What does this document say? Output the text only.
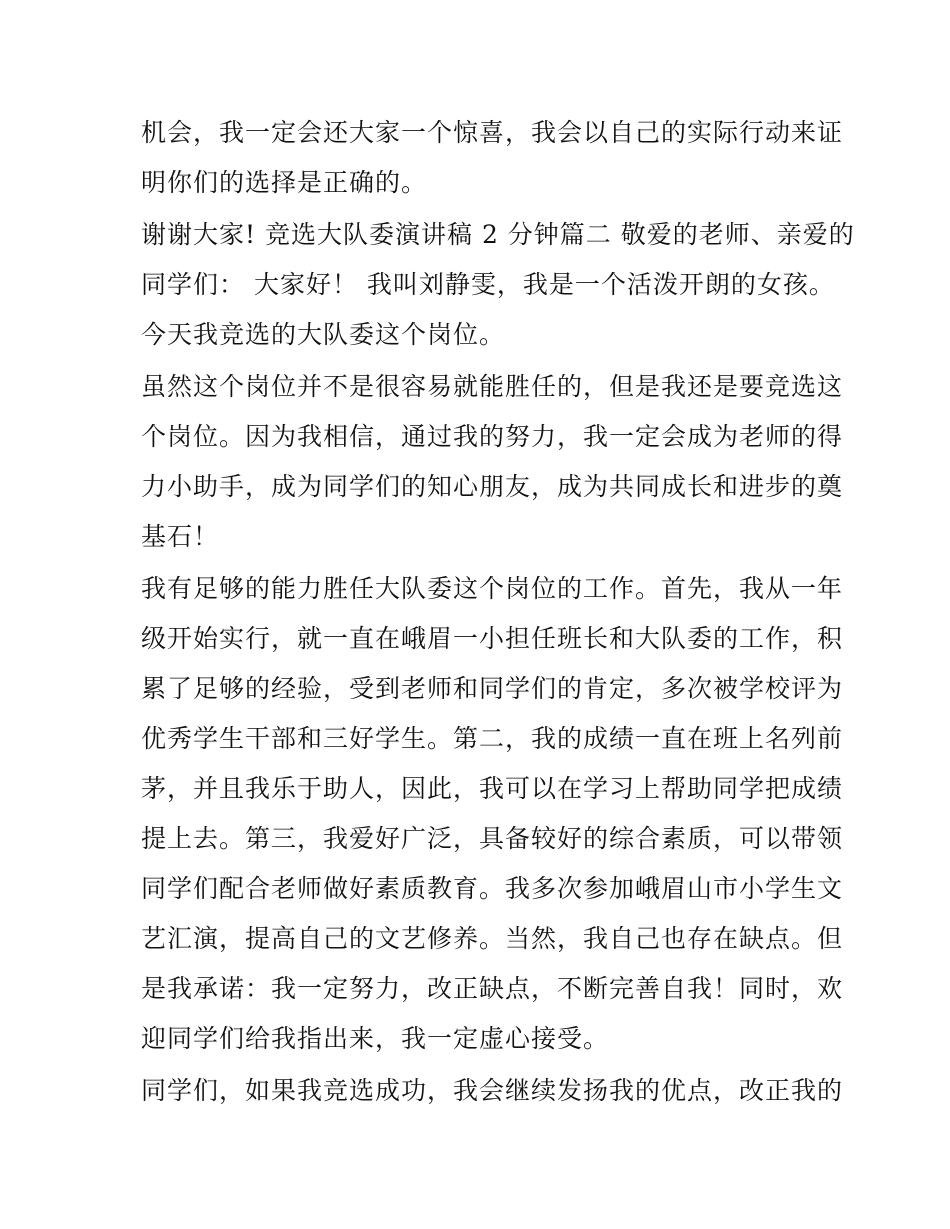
机会，我一定会还大家一个惊喜，我会以自己的实际行动来证
明你们的选择是正确的。
谢谢大家! 竞选大队委演讲稿 2 分钟篇二 敬爱的老师、亲爱的
同学们： 大家好！ 我叫刘静雯，我是一个活泼开朗的女孩。
今天我竞选的大队委这个岗位。
虽然这个岗位并不是很容易就能胜任的，但是我还是要竞选这
个岗位。因为我相信，通过我的努力，我一定会成为老师的得
力小助手，成为同学们的知心朋友，成为共同成长和进步的奠
基石！
我有足够的能力胜任大队委这个岗位的工作。首先，我从一年
级开始实行，就一直在峨眉一小担任班长和大队委的工作，积
累了足够的经验，受到老师和同学们的肯定，多次被学校评为
优秀学生干部和三好学生。第二，我的成绩一直在班上名列前
茅，并且我乐于助人，因此，我可以在学习上帮助同学把成绩
提上去。第三，我爱好广泛，具备较好的综合素质，可以带领
同学们配合老师做好素质教育。我多次参加峨眉山市小学生文
艺汇演，提高自己的文艺修养。当然，我自己也存在缺点。但
是我承诺：我一定努力，改正缺点，不断完善自我！同时，欢
迎同学们给我指出来，我一定虚心接受。
同学们，如果我竞选成功，我会继续发扬我的优点，改正我的
